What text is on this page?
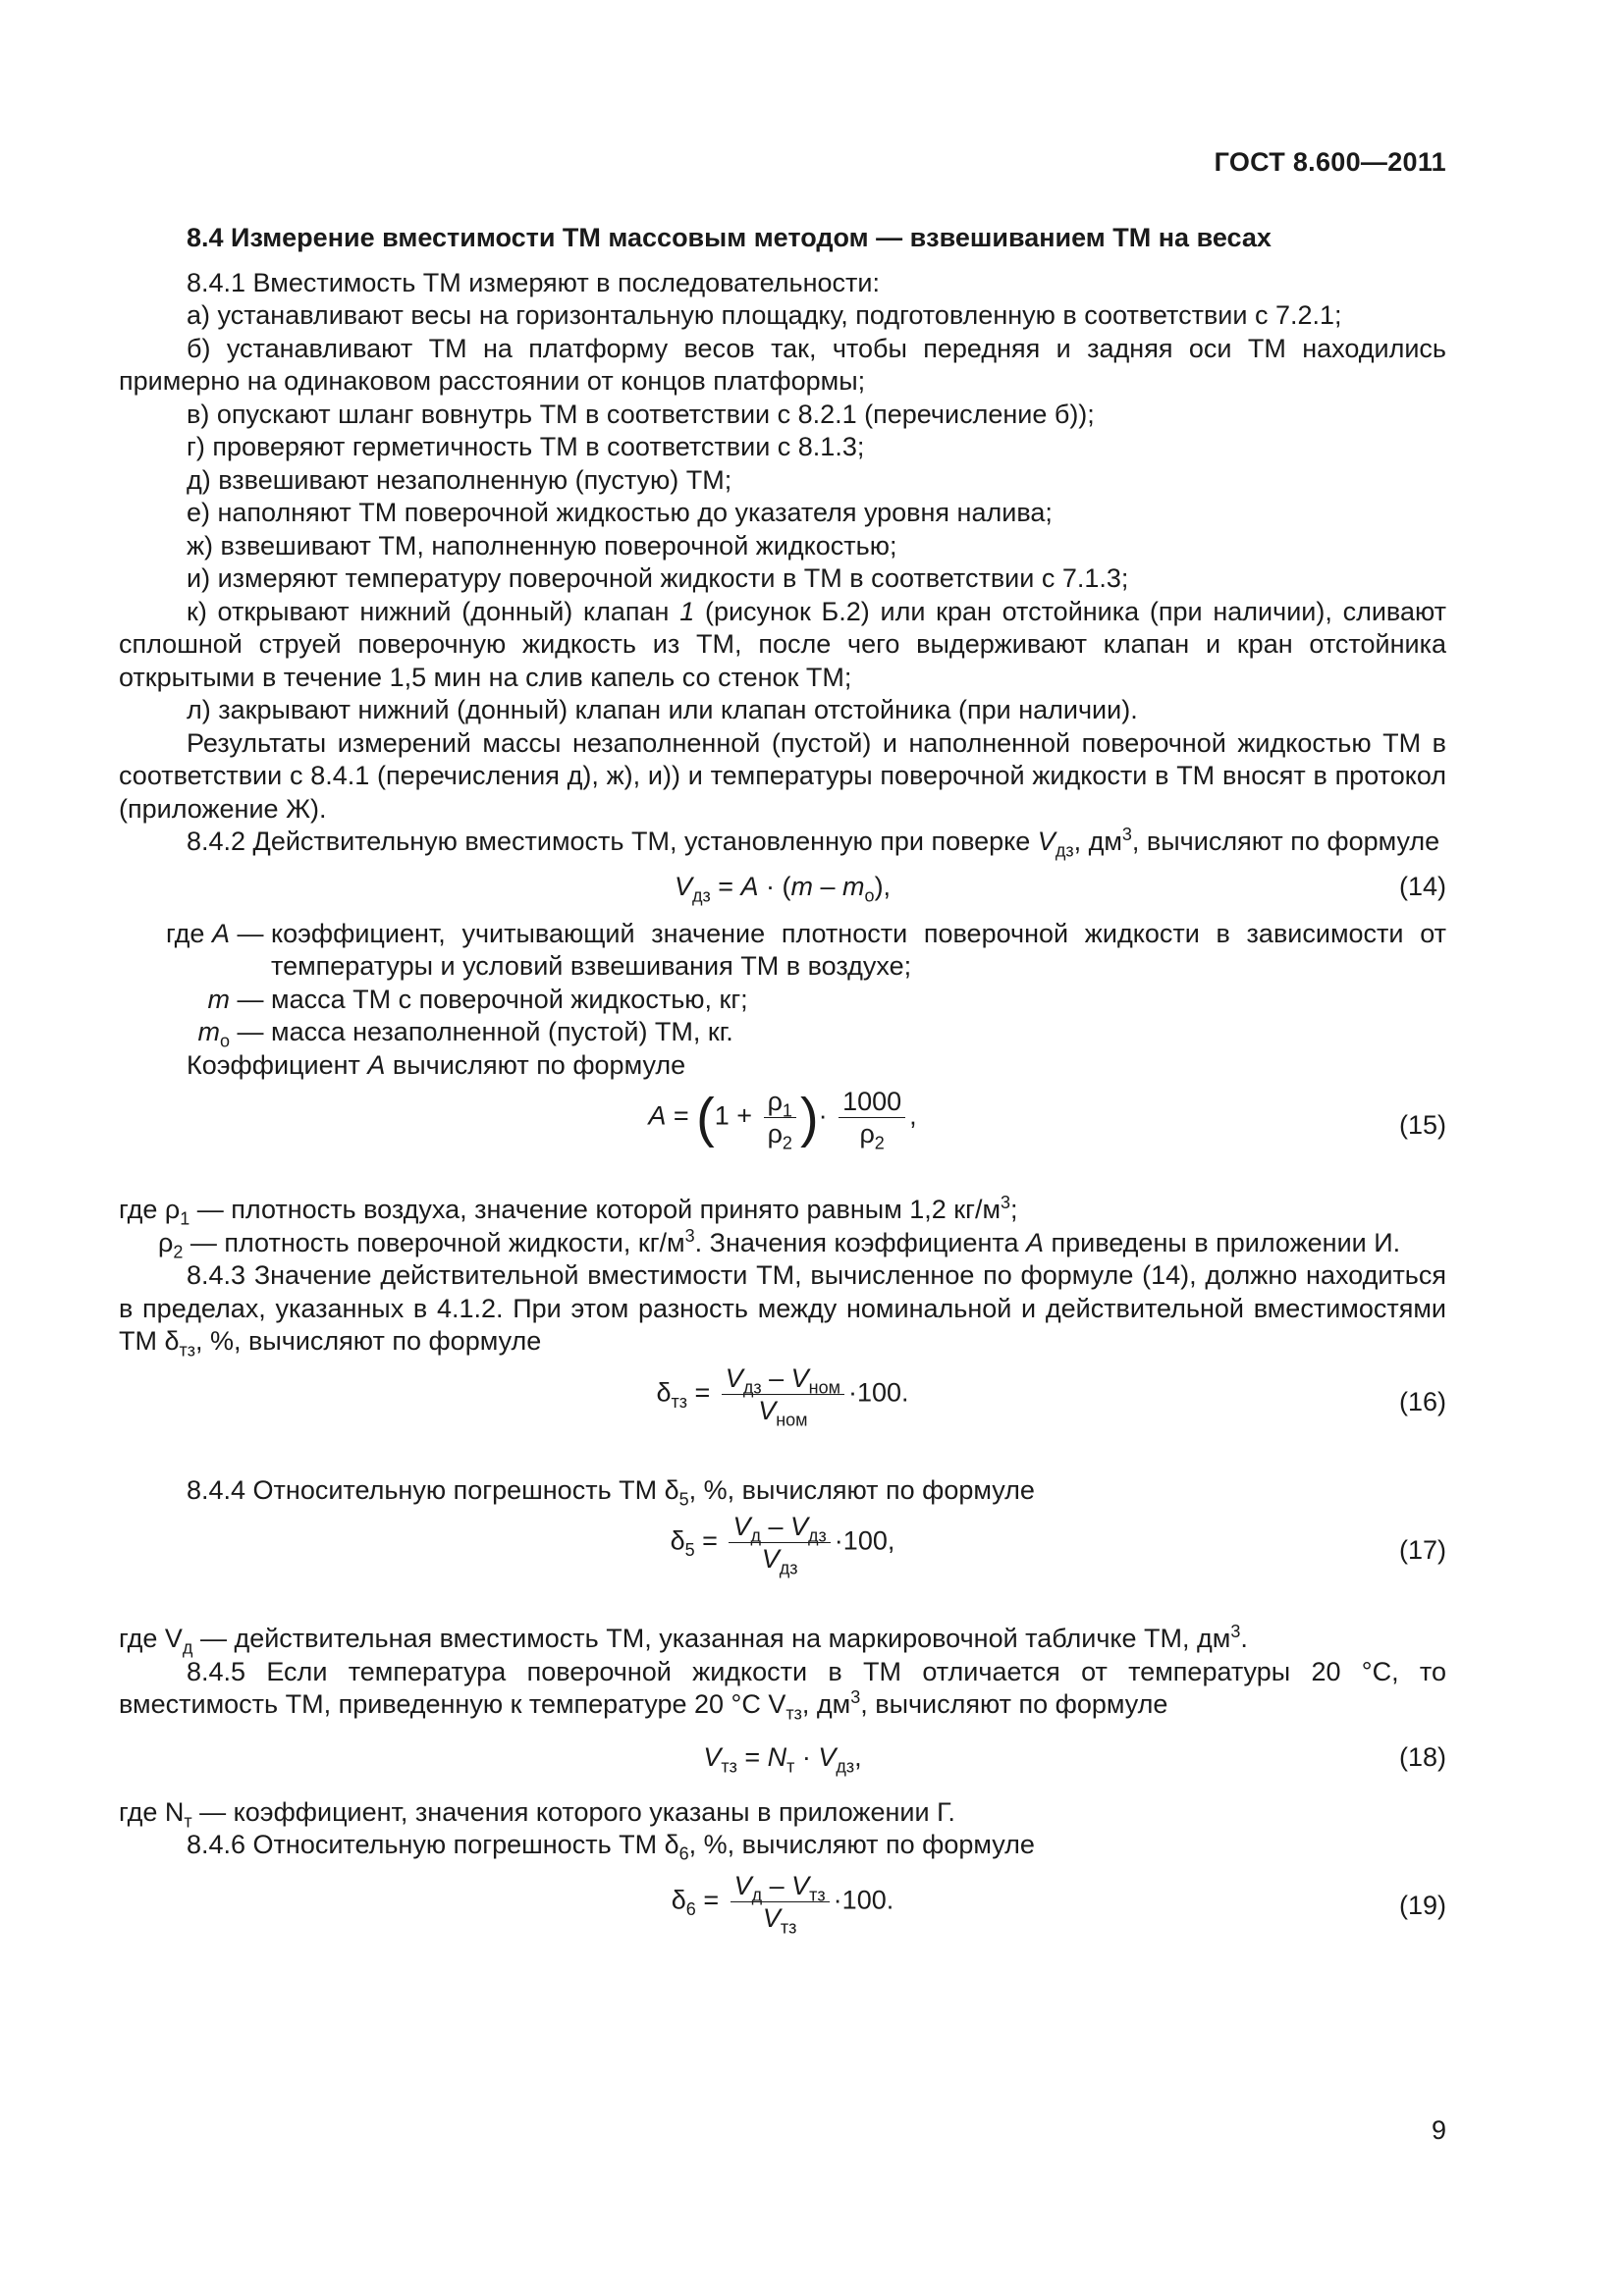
ГОСТ 8.600—2011
8.4 Измерение вместимости ТМ массовым методом — взвешиванием ТМ на весах

8.4.1 Вместимость ТМ измеряют в последовательности:

а) устанавливают весы на горизонтальную площадку, подготовленную в соответствии с 7.2.1;

б) устанавливают ТМ на платформу весов так, чтобы передняя и задняя оси ТМ находились примерно на одинаковом расстоянии от концов платформы;

в) опускают шланг вовнутрь ТМ в соответствии с 8.2.1 (перечисление б));

г) проверяют герметичность ТМ в соответствии с 8.1.3;

д) взвешивают незаполненную (пустую) ТМ;

е) наполняют ТМ поверочной жидкостью до указателя уровня налива;

ж) взвешивают ТМ, наполненную поверочной жидкостью;

и) измеряют температуру поверочной жидкости в ТМ в соответствии с 7.1.3;

к) открывают нижний (донный) клапан 1 (рисунок Б.2) или кран отстойника (при наличии), сливают сплошной струей поверочную жидкость из ТМ, после чего выдерживают клапан и кран отстойника открытыми в течение 1,5 мин на слив капель со стенок ТМ;

л) закрывают нижний (донный) клапан или клапан отстойника (при наличии).

Результаты измерений массы незаполненной (пустой) и наполненной поверочной жидкостью ТМ в соответствии с 8.4.1 (перечисления д), ж), и)) и температуры поверочной жидкости в ТМ вносят в протокол (приложение Ж).

8.4.2 Действительную вместимость ТМ, установленную при поверке $V_{дз}$, $дм^3$, вычисляют по формуле

$V_{дз} = A \cdot (m - m_о)$,	(14)
где A — коэффициент, учитывающий значение плотности поверочной жидкости в зависимости от температуры и условий взвешивания ТМ в воздухе;
m — масса ТМ с поверочной жидкостью, кг;
$m_о$ — масса незаполненной (пустой) ТМ, кг.

Коэффициент A вычисляют по формуле

$A = (1 + \frac{\rho_1}{\rho_2}$ )· $\frac{1000}{\rho_2}$ ,	(15)

где $\rho_1$ — плотность воздуха, значение которой принято равным 1,2 $кг/м^3$;

$\rho_2$ — плотность поверочной жидкости, $кг/м^3$. Значения коэффициента A приведены в приложении И.

8.4.3 Значение действительной вместимости ТМ, вычисленное по формуле (14), должно находиться в пределах, указанных в 4.1.2. При этом разность между номинальной и действительной вместимостями ТМ $\delta_{тз}$, %, вычисляют по формуле

$\delta_{тз} = \frac{V_{дз} - V_{ном}}{V_{ном}} \cdot 100$.	(16)

8.4.4 Относительную погрешность ТМ $\delta_5$, %, вычисляют по формуле

$\delta_5 = \frac{V_д - V_{дз}}{V_{дз}} \cdot 100$,	(17)

где $V_д$ — действительная вместимость ТМ, указанная на маркировочной табличке ТМ, $дм^3$.

8.4.5 Если температура поверочной жидкости в ТМ отличается от температуры 20 °С, то вместимость ТМ, приведенную к температуре 20 °С $V_{тз}$, $дм^3$, вычисляют по формуле

$V_{тз} = N_т \cdot V_{дз}$,	(18)

где $N_т$ — коэффициент, значения которого указаны в приложении Г.

8.4.6 Относительную погрешность ТМ $\delta_6$, %, вычисляют по формуле

$\delta_6 = \frac{V_д - V_{тз}}{V_{тз}} \cdot 100$.	(19)
9
